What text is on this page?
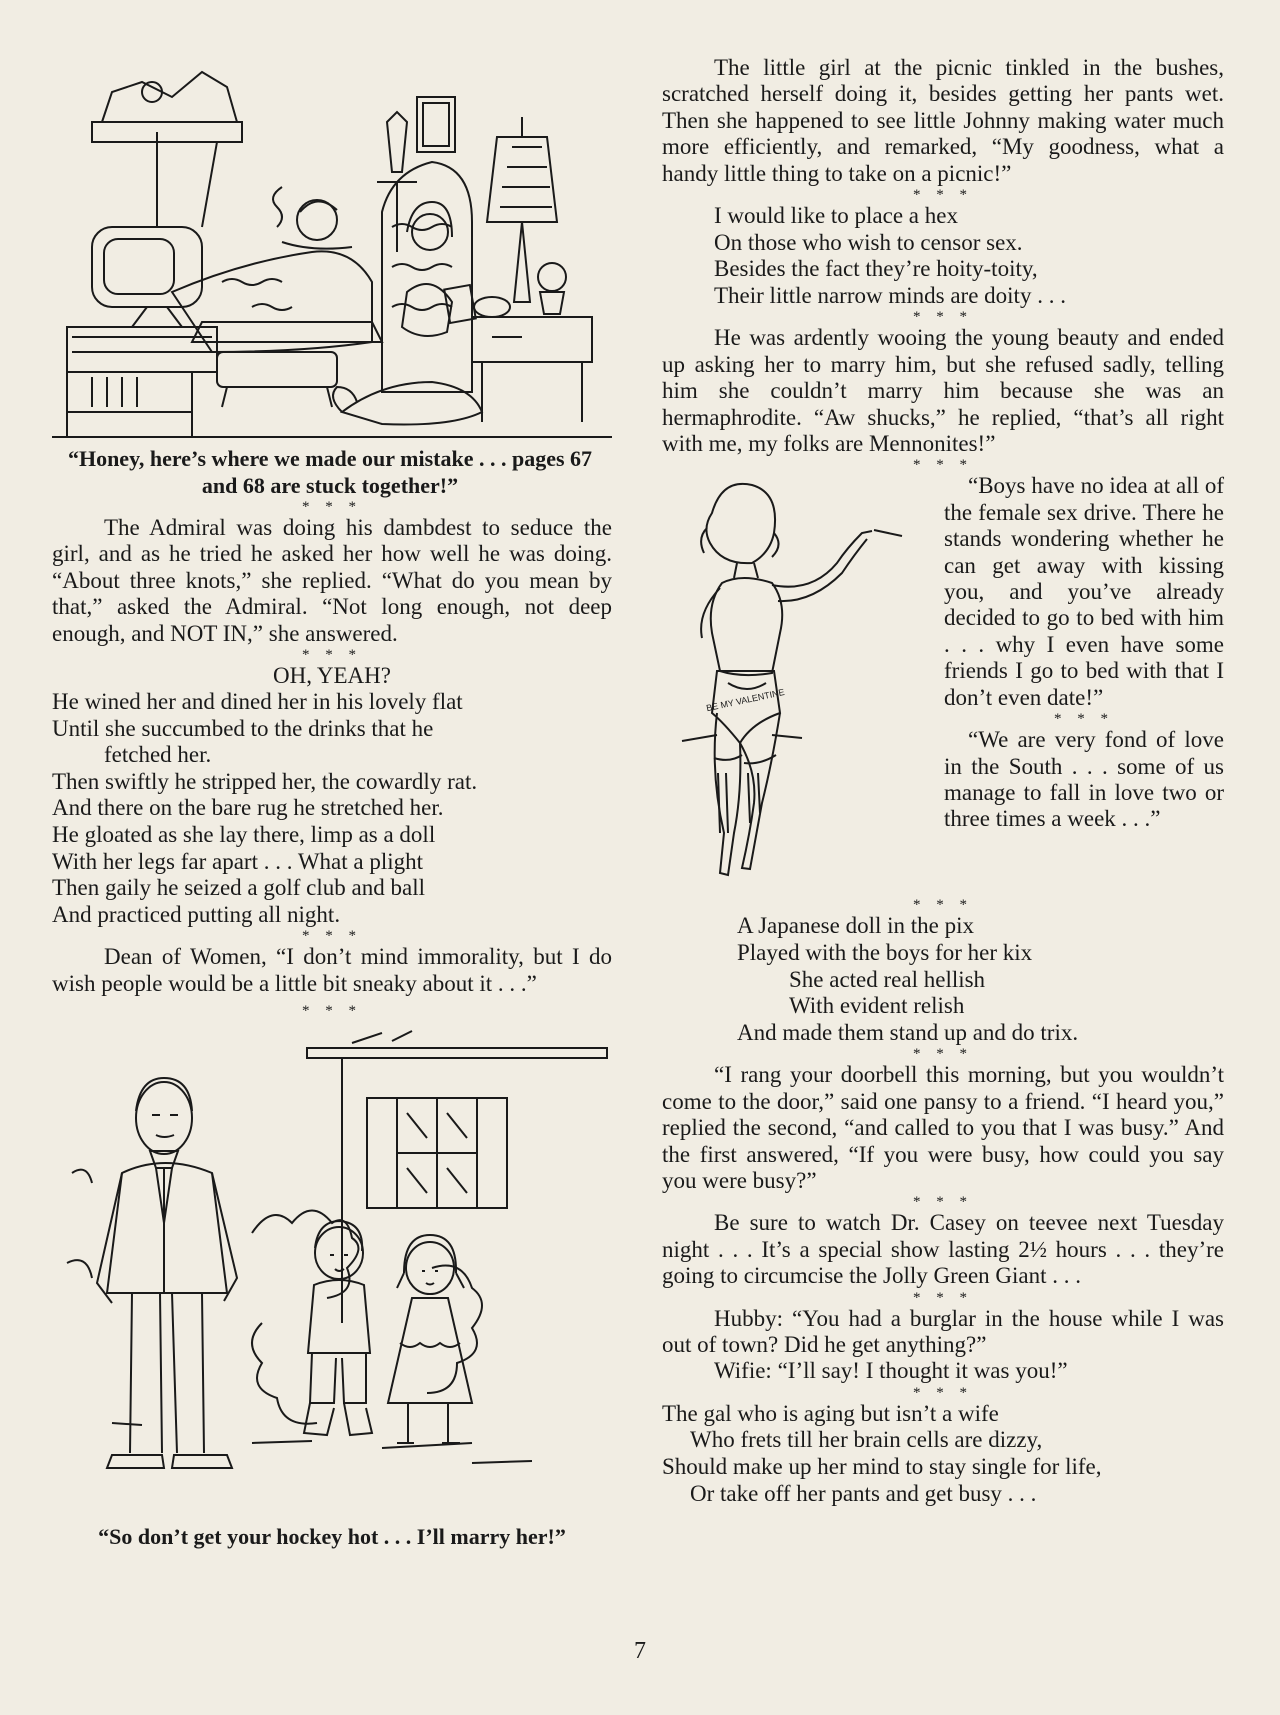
“Honey, here’s where we made our mistake . . . pages 67 and 68 are stuck together!”

* * *

The Admiral was doing his dambdest to seduce the girl, and as he tried he asked her how well he was doing. “About three knots,” she replied. “What do you mean by that,” asked the Admiral. “Not long enough, not deep enough, and NOT IN,” she answered.

* * *

OH, YEAH?

He wined her and dined her in his lovely flat

Until she succumbed to the drinks that he

fetched her.

Then swiftly he stripped her, the cowardly rat.

And there on the bare rug he stretched her.

He gloated as she lay there, limp as a doll

With her legs far apart . . . What a plight

Then gaily he seized a golf club and ball

And practiced putting all night.

* * *

Dean of Women, “I don’t mind immorality, but I do wish people would be a little bit sneaky about it . . .”

* * *

“So don’t get your hockey hot . . . I’ll marry her!”

The little girl at the picnic tinkled in the bushes, scratched herself doing it, besides getting her pants wet. Then she happened to see little Johnny making water much more efficiently, and remarked, “My goodness, what a handy little thing to take on a picnic!”

* * *

I would like to place a hex

On those who wish to censor sex.

Besides the fact they’re hoity-toity,

Their little narrow minds are doity . . .

* * *

He was ardently wooing the young beauty and ended up asking her to marry him, but she refused sadly, telling him she couldn’t marry him because she was an hermaphrodite. “Aw shucks,” he replied, “that’s all right with me, my folks are Mennonites!”

* * *

BE MY VALENTINE

“Boys have no idea at all of the female sex drive. There he stands wondering whether he can get away with kissing you, and you’ve already decided to go to bed with him . . . why I even have some friends I go to bed with that I don’t even date!”

* * *

“We are very fond of love in the South . . . some of us manage to fall in love two or three times a week . . .”

* * *

A Japanese doll in the pix

Played with the boys for her kix

She acted real hellish

With evident relish

And made them stand up and do trix.

* * *

“I rang your doorbell this morning, but you wouldn’t come to the door,” said one pansy to a friend. “I heard you,” replied the second, “and called to you that I was busy.” And the first answered, “If you were busy, how could you say you were busy?”

* * *

Be sure to watch Dr. Casey on teevee next Tuesday night . . . It’s a special show lasting 2½ hours . . . they’re going to circumcise the Jolly Green Giant . . .

* * *

Hubby: “You had a burglar in the house while I was out of town? Did he get anything?”

Wifie: “I’ll say! I thought it was you!”

* * *

The gal who is aging but isn’t a wife

Who frets till her brain cells are dizzy,

Should make up her mind to stay single for life,

Or take off her pants and get busy . . .

7
